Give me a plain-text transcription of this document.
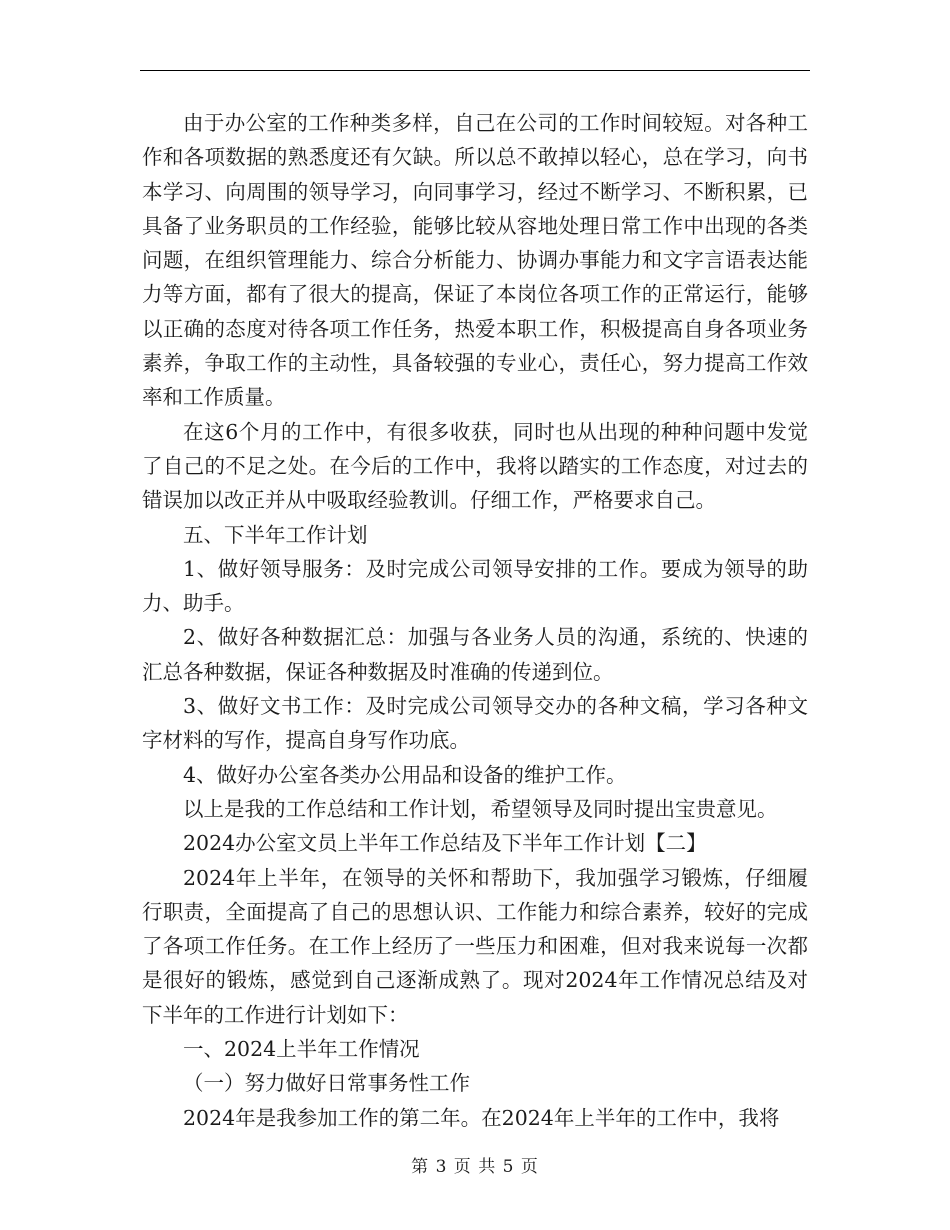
由于办公室的工作种类多样，自己在公司的工作时间较短。对各种工作和各项数据的熟悉度还有欠缺。所以总不敢掉以轻心，总在学习，向书本学习、向周围的领导学习，向同事学习，经过不断学习、不断积累，已具备了业务职员的工作经验，能够比较从容地处理日常工作中出现的各类问题，在组织管理能力、综合分析能力、协调办事能力和文字言语表达能力等方面，都有了很大的提高，保证了本岗位各项工作的正常运行，能够以正确的态度对待各项工作任务，热爱本职工作，积极提高自身各项业务素养，争取工作的主动性，具备较强的专业心，责任心，努力提高工作效率和工作质量。

在这6个月的工作中，有很多收获，同时也从出现的种种问题中发觉了自己的不足之处。在今后的工作中，我将以踏实的工作态度，对过去的错误加以改正并从中吸取经验教训。仔细工作，严格要求自己。

五、下半年工作计划

1、做好领导服务：及时完成公司领导安排的工作。要成为领导的助力、助手。

2、做好各种数据汇总：加强与各业务人员的沟通，系统的、快速的汇总各种数据，保证各种数据及时准确的传递到位。

3、做好文书工作：及时完成公司领导交办的各种文稿，学习各种文字材料的写作，提高自身写作功底。

4、做好办公室各类办公用品和设备的维护工作。

以上是我的工作总结和工作计划，希望领导及同时提出宝贵意见。

2024办公室文员上半年工作总结及下半年工作计划【二】

2024年上半年，在领导的关怀和帮助下，我加强学习锻炼，仔细履行职责，全面提高了自己的思想认识、工作能力和综合素养，较好的完成了各项工作任务。在工作上经历了一些压力和困难，但对我来说每一次都是很好的锻炼，感觉到自己逐渐成熟了。现对2024年工作情况总结及对下半年的工作进行计划如下：

一、2024上半年工作情况

（一）努力做好日常事务性工作

2024年是我参加工作的第二年。在2024年上半年的工作中，我将

第 3 页 共 5 页
